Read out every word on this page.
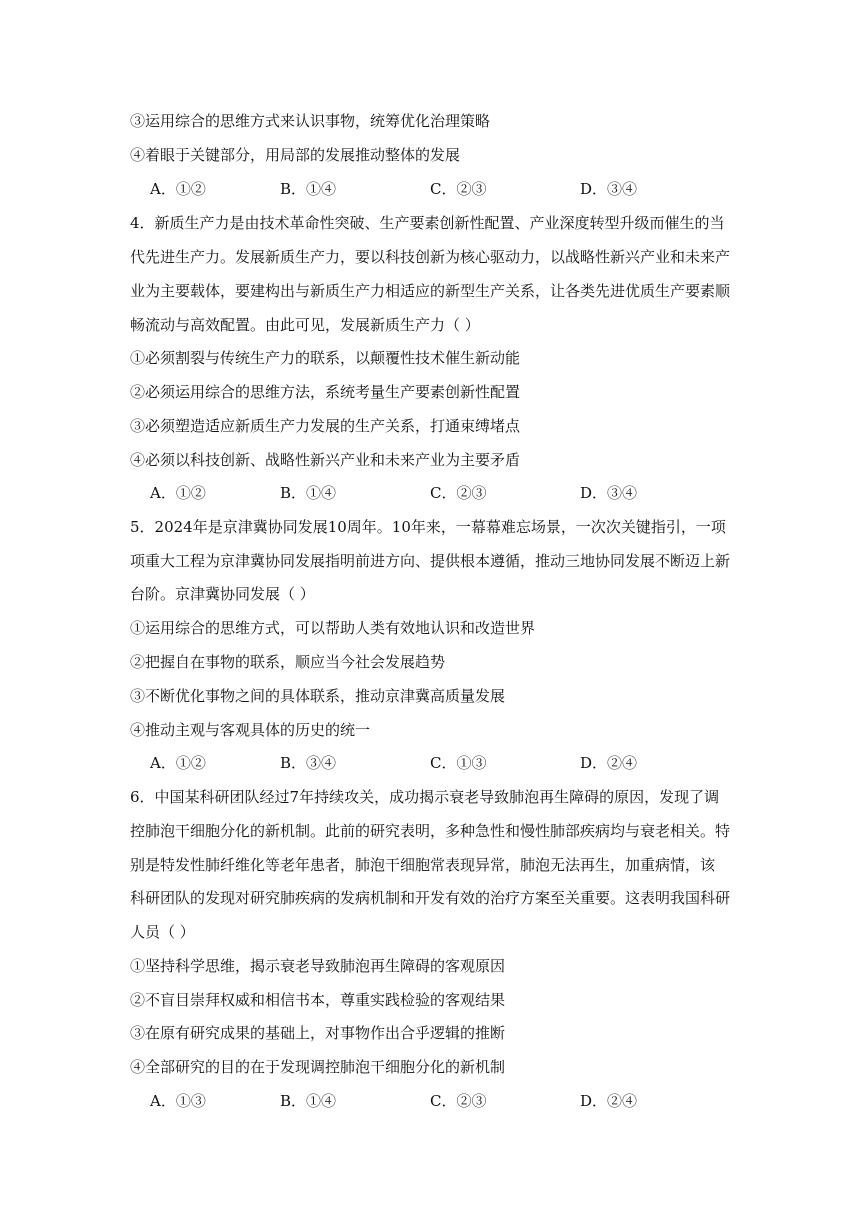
③运用综合的思维方式来认识事物，统筹优化治理策略
④着眼于关键部分，用局部的发展推动整体的发展
A．①②	B．①④	C．②③	D．③④
4．新质生产力是由技术革命性突破、生产要素创新性配置、产业深度转型升级而催生的当
代先进生产力。发展新质生产力，要以科技创新为核心驱动力，以战略性新兴产业和未来产
业为主要载体，要建构出与新质生产力相适应的新型生产关系，让各类先进优质生产要素顺
畅流动与高效配置。由此可见，发展新质生产力（ ）
①必须割裂与传统生产力的联系，以颠覆性技术催生新动能
②必须运用综合的思维方法，系统考量生产要素创新性配置
③必须塑造适应新质生产力发展的生产关系，打通束缚堵点
④必须以科技创新、战略性新兴产业和未来产业为主要矛盾
A．①②	B．①④	C．②③	D．③④
5．2024年是京津冀协同发展10周年。10年来，一幕幕难忘场景，一次次关键指引，一项
项重大工程为京津冀协同发展指明前进方向、提供根本遵循，推动三地协同发展不断迈上新
台阶。京津冀协同发展（ ）
①运用综合的思维方式，可以帮助人类有效地认识和改造世界
②把握自在事物的联系，顺应当今社会发展趋势
③不断优化事物之间的具体联系，推动京津冀高质量发展
④推动主观与客观具体的历史的统一
A．①②	B．③④	C．①③	D．②④
6．中国某科研团队经过7年持续攻关，成功揭示衰老导致肺泡再生障碍的原因，发现了调
控肺泡干细胞分化的新机制。此前的研究表明，多种急性和慢性肺部疾病均与衰老相关。特
别是特发性肺纤维化等老年患者，肺泡干细胞常表现异常，肺泡无法再生，加重病情，该
科研团队的发现对研究肺疾病的发病机制和开发有效的治疗方案至关重要。这表明我国科研
人员（ ）
①坚持科学思维，揭示衰老导致肺泡再生障碍的客观原因
②不盲目崇拜权威和相信书本，尊重实践检验的客观结果
③在原有研究成果的基础上，对事物作出合乎逻辑的推断
④全部研究的目的在于发现调控肺泡干细胞分化的新机制
A．①③	B．①④	C．②③	D．②④
